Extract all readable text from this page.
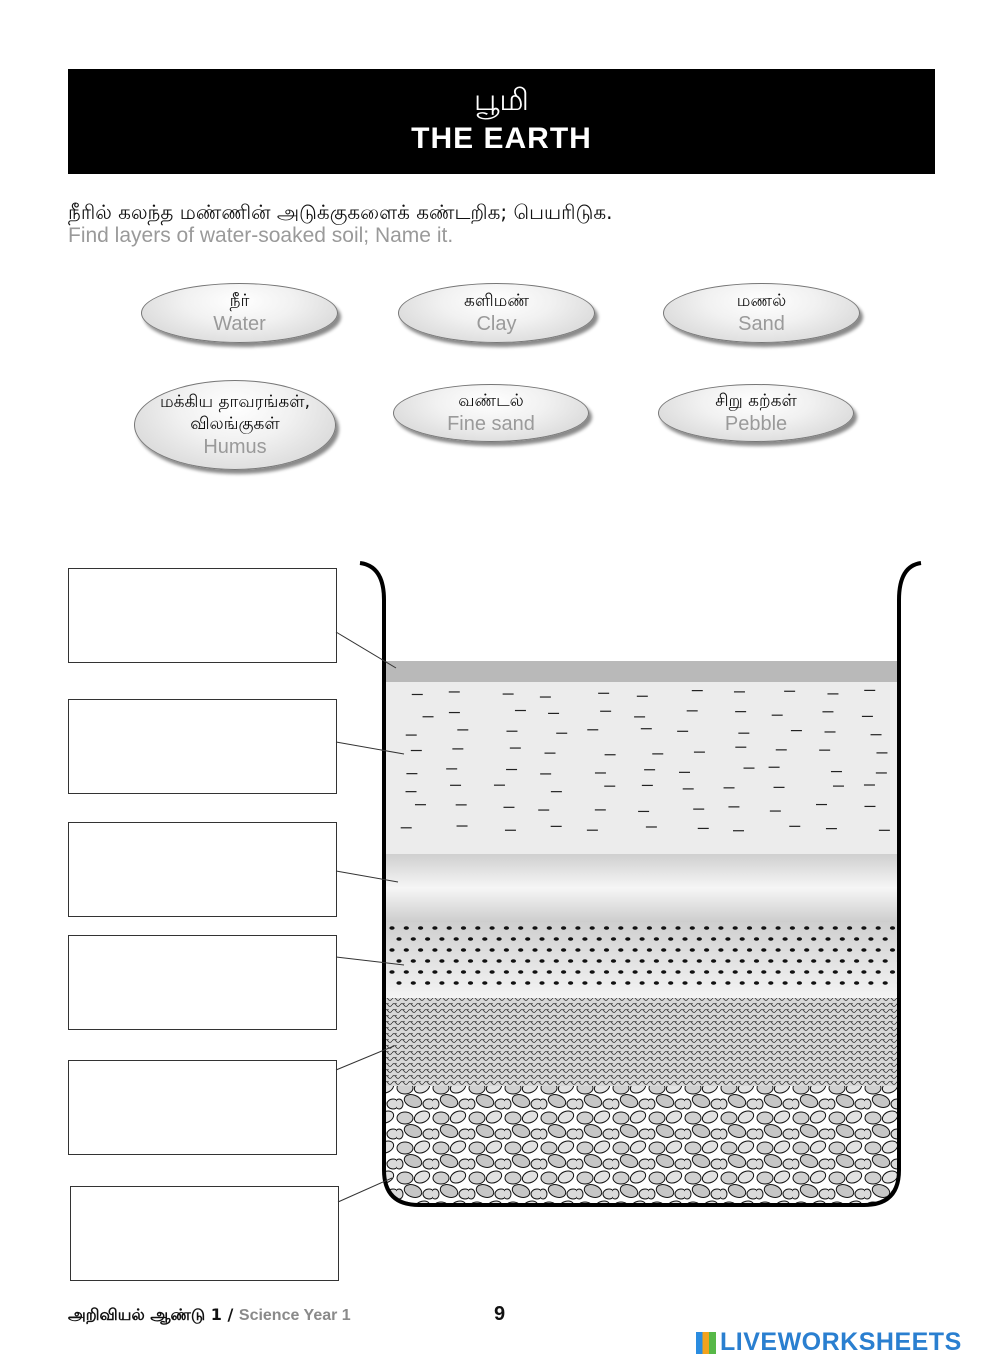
பூமி
THE EARTH
நீரில் கலந்த மண்ணின் அடுக்குகளைக் கண்டறிக; பெயரிடுக.
Find layers of water-soaked soil; Name it.
நீர்
Water
களிமண்
Clay
மணல்
Sand
மக்கிய தாவரங்கள், விலங்குகள்
Humus
வண்டல்
Fine sand
சிறு கற்கள்
Pebble
அறிவியல் ஆண்டு 1 / Science Year 1	9
LIVEWORKSHEETS
